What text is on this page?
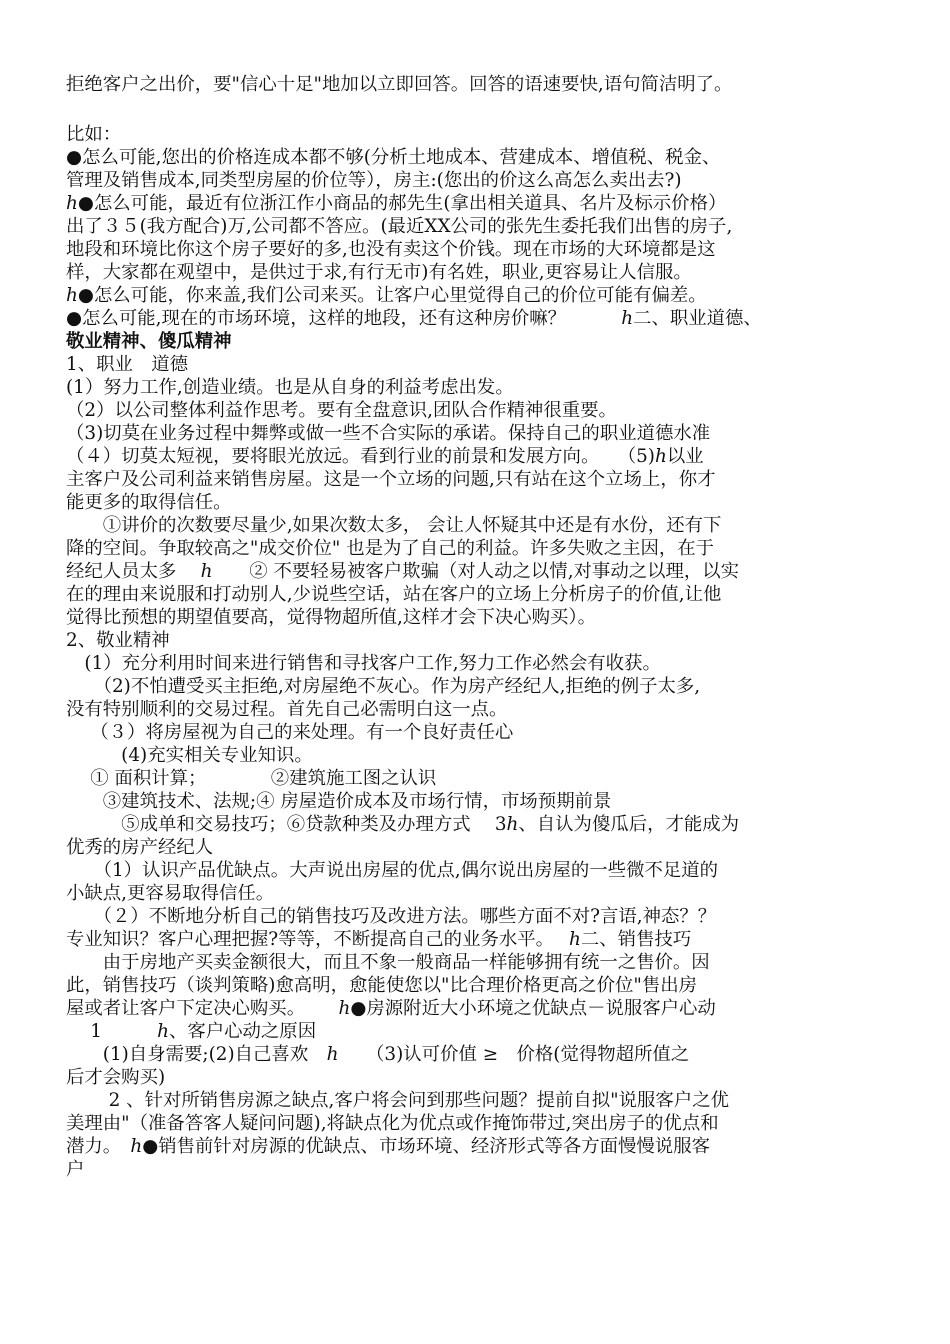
拒绝客户之出价，要"信心十足"地加以立即回答。回答的语速要快,语句简洁明了。
比如：
●怎么可能,您出的价格连成本都不够(分析土地成本、营建成本、增值税、税金、
管理及销售成本,同类型房屋的价位等），房主:(您出的价这么高怎么卖出去?)
ℎ●怎么可能，最近有位浙江作小商品的郝先生(拿出相关道具、名片及标示价格）
出了３５(我方配合)万,公司都不答应。(最近XX公司的张先生委托我们出售的房子,
地段和环境比你这个房子要好的多,也没有卖这个价钱。现在市场的大环境都是这
样，大家都在观望中，是供过于求,有行无市)有名姓，职业,更容易让人信服。
ℎ●怎么可能，你来盖,我们公司来买。让客户心里觉得自己的价位可能有偏差。
●怎么可能,现在的市场环境，这样的地段，还有这种房价嘛？　　　ℎ二、职业道德、
敬业精神、傻瓜精神
1、职业　道德
(1）努力工作,创造业绩。也是从自身的利益考虑出发。
（2）以公司整体利益作思考。要有全盘意识,团队合作精神很重要。
（3)切莫在业务过程中舞弊或做一些不合实际的承诺。保持自己的职业道德水准
（４）切莫太短视，要将眼光放远。看到行业的前景和发展方向。　　（5)ℎ以业
主客户及公司利益来销售房屋。这是一个立场的问题,只有站在这个立场上，你才
能更多的取得信任。
　　①讲价的次数要尽量少,如果次数太多， 会让人怀疑其中还是有水份，还有下
降的空间。争取较高之"成交价位" 也是为了自己的利益。许多失败之主因，在于
经纪人员太多　 ℎ　　② 不要轻易被客户欺骗（对人动之以情,对事动之以理，以实
在的理由来说服和打动别人,少说些空话，站在客户的立场上分析房子的价值,让他
觉得比预想的期望值要高，觉得物超所值,这样才会下决心购买）。
2、敬业精神
　(1）充分利用时间来进行销售和寻找客户工作,努力工作必然会有收获。
　　（2)不怕遭受买主拒绝,对房屋绝不灰心。作为房产经纪人,拒绝的例子太多,
没有特别顺利的交易过程。首先自己必需明白这一点。
　 （３）将房屋视为自己的来处理。有一个良好责任心
　　　(4)充实相关专业知识。
　 ① 面积计算；　　　　②建筑施工图之认识
　　③建筑技术、法规;④ 房屋造价成本及市场行情，市场预期前景
　　　⑤成单和交易技巧；⑥贷款种类及办理方式　 3ℎ、自认为傻瓜后，才能成为
优秀的房产经纪人
　　（1）认识产品优缺点。大声说出房屋的优点,偶尔说出房屋的一些微不足道的
小缺点,更容易取得信任。
　　（２）不断地分析自己的销售技巧及改进方法。哪些方面不对?言语,神态？？
专业知识？客户心理把握?等等，不断提高自己的业务水平。　 ℎ二、销售技巧
　　由于房地产买卖金额很大，而且不象一般商品一样能够拥有统一之售价。因
此，销售技巧（谈判策略)愈高明，愈能使您以"比合理价格更高之价位"售出房
屋或者让客户下定决心购买。　　 ℎ●房源附近大小环境之优缺点－说服客户心动
　 1　　　ℎ、客户心动之原因
　　(1)自身需要;(2)自己喜欢　ℎ　　（3)认可价值 ≥　价格(觉得物超所值之
后才会购买)
　　 2 、针对所销售房源之缺点,客户将会问到那些问题？提前自拟"说服客户之优
美理由"（准备答客人疑问问题),将缺点化为优点或作掩饰带过,突出房子的优点和
潜力。　ℎ●销售前针对房源的优缺点、市场环境、经济形式等各方面慢慢说服客
户
